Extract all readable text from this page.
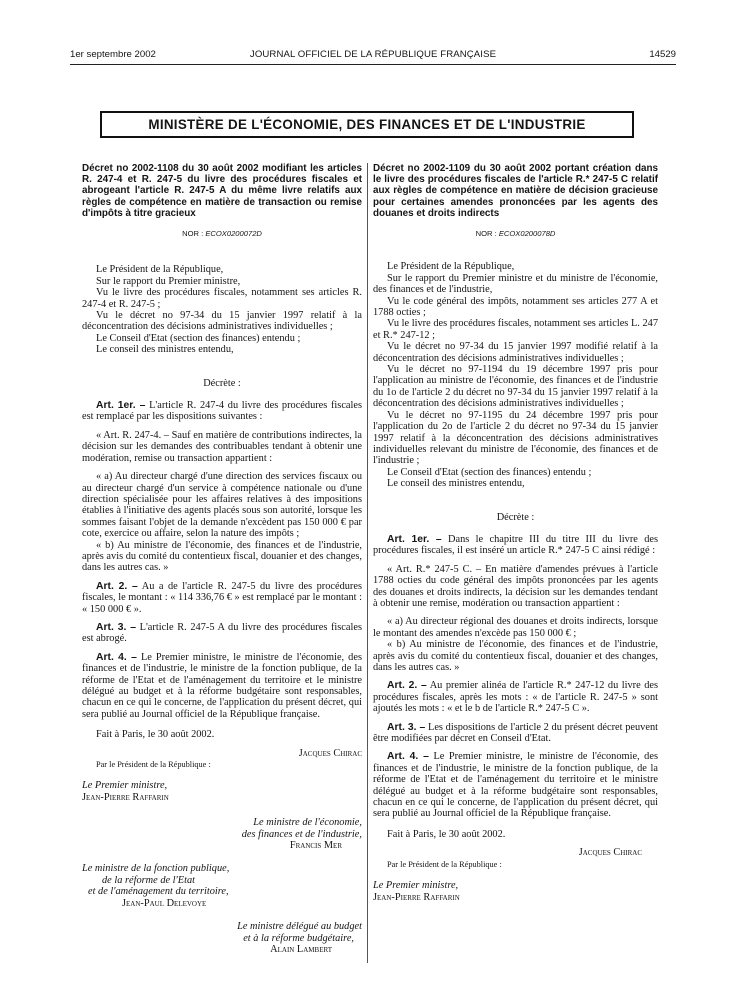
1er septembre 2002	JOURNAL OFFICIEL DE LA RÉPUBLIQUE FRANÇAISE	14529
MINISTÈRE DE L'ÉCONOMIE, DES FINANCES ET DE L'INDUSTRIE
Décret no 2002-1108 du 30 août 2002 modifiant les articles R. 247-4 et R. 247-5 du livre des procédures fiscales et abrogeant l'article R. 247-5 A du même livre relatifs aux règles de compétence en matière de transaction ou remise d'impôts à titre gracieux
NOR : ECOX0200072D

Le Président de la République,

Sur le rapport du Premier ministre,

Vu le livre des procédures fiscales, notamment ses articles R. 247-4 et R. 247-5 ;

Vu le décret no 97-34 du 15 janvier 1997 relatif à la déconcentration des décisions administratives individuelles ;

Le Conseil d'Etat (section des finances) entendu ;

Le conseil des ministres entendu,

Décrète :

Art. 1er. – L'article R. 247-4 du livre des procédures fiscales est remplacé par les dispositions suivantes :

« Art. R. 247-4. – Sauf en matière de contributions indirectes, la décision sur les demandes des contribuables tendant à obtenir une modération, remise ou transaction appartient :

« a) Au directeur chargé d'une direction des services fiscaux ou au directeur chargé d'un service à compétence nationale ou d'une direction spécialisée pour les affaires relatives à des impositions établies à l'initiative des agents placés sous son autorité, lorsque les sommes faisant l'objet de la demande n'excèdent pas 150 000 € par cote, exercice ou affaire, selon la nature des impôts ;

« b) Au ministre de l'économie, des finances et de l'industrie, après avis du comité du contentieux fiscal, douanier et des changes, dans les autres cas. »

Art. 2. – Au a de l'article R. 247-5 du livre des procédures fiscales, le montant : « 114 336,76 € » est remplacé par le montant : « 150 000 € ».

Art. 3. – L'article R. 247-5 A du livre des procédures fiscales est abrogé.

Art. 4. – Le Premier ministre, le ministre de l'économie, des finances et de l'industrie, le ministre de la fonction publique, de la réforme de l'Etat et de l'aménagement du territoire et le ministre délégué au budget et à la réforme budgétaire sont responsables, chacun en ce qui le concerne, de l'application du présent décret, qui sera publié au Journal officiel de la République française.

Fait à Paris, le 30 août 2002.

Jacques Chirac

Par le Président de la République :

Le Premier ministre,

Jean-Pierre Raffarin

Le ministre de l'économie,
des finances et de l'industrie,
Francis Mer
Le ministre de la fonction publique,
de la réforme de l'Etat
et de l'aménagement du territoire,
Jean-Paul Delevoye
Le ministre délégué au budget
et à la réforme budgétaire,
Alain Lambert
Décret no 2002-1109 du 30 août 2002 portant création dans le livre des procédures fiscales de l'article R.* 247-5 C relatif aux règles de compétence en matière de décision gracieuse pour certaines amendes prononcées par les agents des douanes et droits indirects
NOR : ECOX0200078D

Le Président de la République,

Sur le rapport du Premier ministre et du ministre de l'économie, des finances et de l'industrie,

Vu le code général des impôts, notamment ses articles 277 A et 1788 octies ;

Vu le livre des procédures fiscales, notamment ses articles L. 247 et R.* 247-12 ;

Vu le décret no 97-34 du 15 janvier 1997 modifié relatif à la déconcentration des décisions administratives individuelles ;

Vu le décret no 97-1194 du 19 décembre 1997 pris pour l'application au ministre de l'économie, des finances et de l'industrie du 1o de l'article 2 du décret no 97-34 du 15 janvier 1997 relatif à la déconcentration des décisions administratives individuelles ;

Vu le décret no 97-1195 du 24 décembre 1997 pris pour l'application du 2o de l'article 2 du décret no 97-34 du 15 janvier 1997 relatif à la déconcentration des décisions administratives individuelles relevant du ministre de l'économie, des finances et de l'industrie ;

Le Conseil d'Etat (section des finances) entendu ;

Le conseil des ministres entendu,

Décrète :

Art. 1er. – Dans le chapitre III du titre III du livre des procédures fiscales, il est inséré un article R.* 247-5 C ainsi rédigé :

« Art. R.* 247-5 C. – En matière d'amendes prévues à l'article 1788 octies du code général des impôts prononcées par les agents des douanes et droits indirects, la décision sur les demandes tendant à obtenir une remise, modération ou transaction appartient :

« a) Au directeur régional des douanes et droits indirects, lorsque le montant des amendes n'excède pas 150 000 € ;

« b) Au ministre de l'économie, des finances et de l'industrie, après avis du comité du contentieux fiscal, douanier et des changes, dans les autres cas. »

Art. 2. – Au premier alinéa de l'article R.* 247-12 du livre des procédures fiscales, après les mots : « de l'article R. 247-5 » sont ajoutés les mots : « et le b de l'article R.* 247-5 C ».

Art. 3. – Les dispositions de l'article 2 du présent décret peuvent être modifiées par décret en Conseil d'Etat.

Art. 4. – Le Premier ministre, le ministre de l'économie, des finances et de l'industrie, le ministre de la fonction publique, de la réforme de l'Etat et de l'aménagement du territoire et le ministre délégué au budget et à la réforme budgétaire sont responsables, chacun en ce qui le concerne, de l'application du présent décret, qui sera publié au Journal officiel de la République française.

Fait à Paris, le 30 août 2002.

Jacques Chirac

Par le Président de la République :

Le Premier ministre,

Jean-Pierre Raffarin
